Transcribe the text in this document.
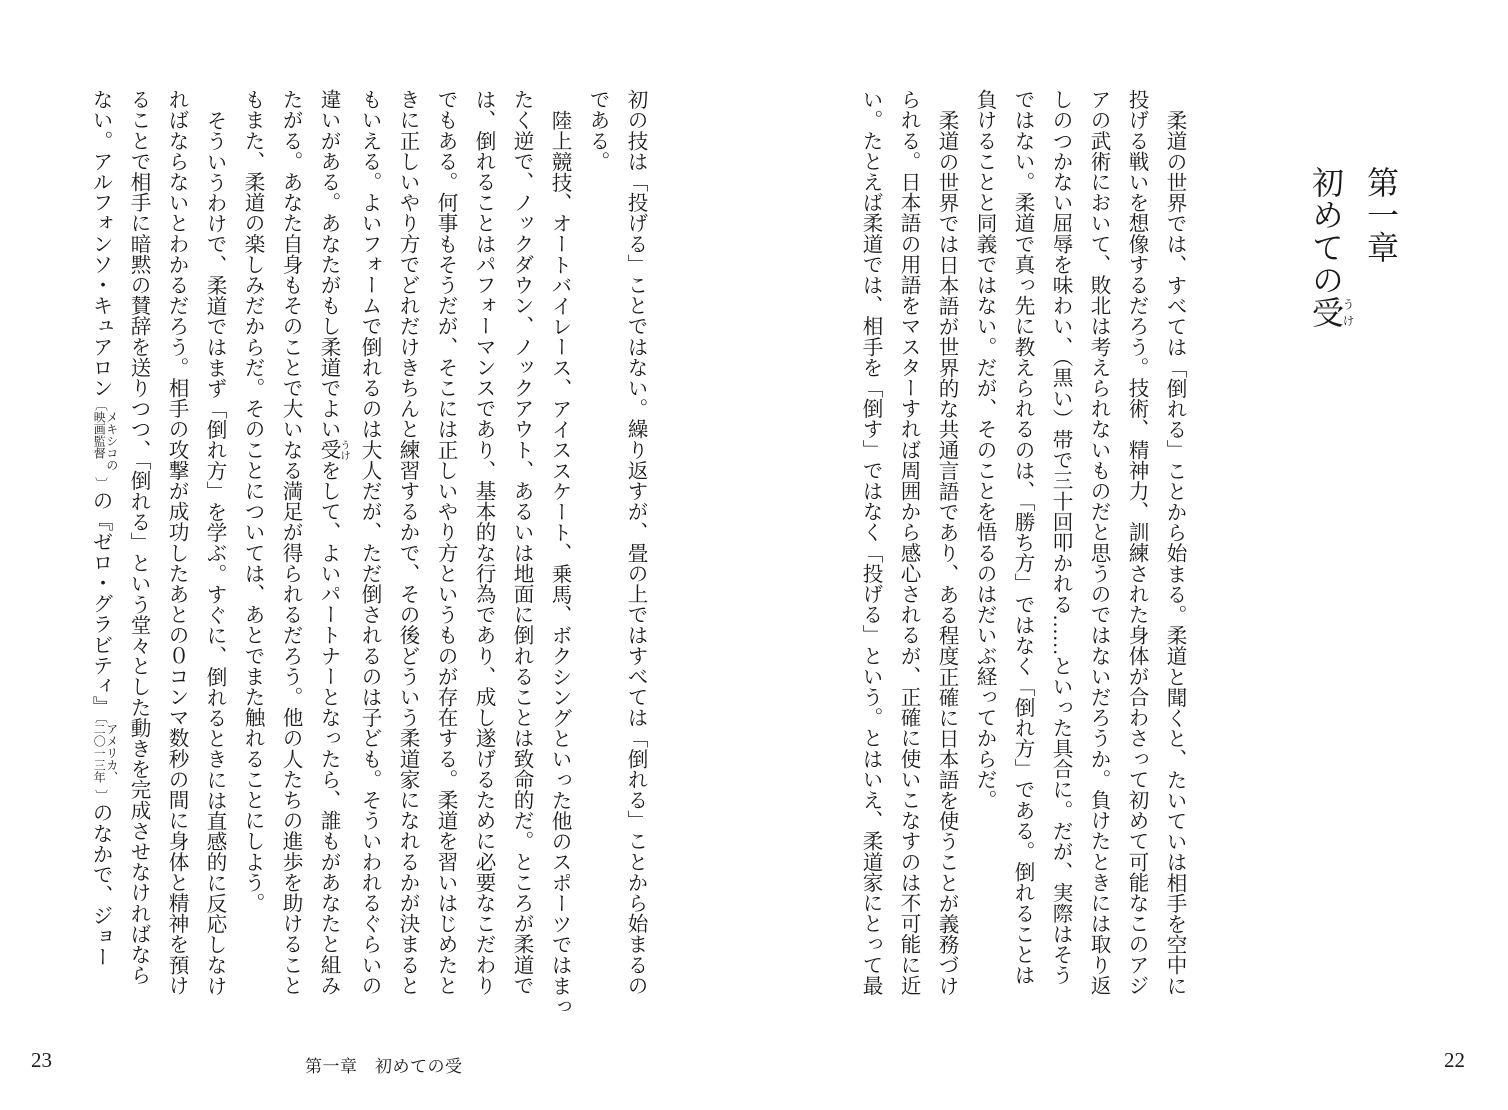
第一章
初めての受うけ
柔道の世界では、すべては「倒れる」ことから始まる。柔道と聞くと、たいていは相手を空中に
投げる戦いを想像するだろう。技術、精神力、訓練された身体が合わさって初めて可能なこのアジ
アの武術において、敗北は考えられないものだと思うのではないだろうか。負けたときには取り返
しのつかない屈辱を味わい、（黒い）帯で三十回叩かれる……といった具合に。だが、実際はそう
ではない。柔道で真っ先に教えられるのは、「勝ち方」ではなく「倒れ方」である。倒れることは
負けることと同義ではない。だが、そのことを悟るのはだいぶ経ってからだ。
柔道の世界では日本語が世界的な共通言語であり、ある程度正確に日本語を使うことが義務づけ
られる。日本語の用語をマスターすれば周囲から感心されるが、正確に使いこなすのは不可能に近
い。たとえば柔道では、相手を「倒す」ではなく「投げる」という。とはいえ、柔道家にとって最
初の技は「投げる」ことではない。繰り返すが、畳の上ではすべては「倒れる」ことから始まるの
である。
陸上競技、オートバイレース、アイススケート、乗馬、ボクシングといった他のスポーツではまっ
たく逆で、ノックダウン、ノックアウト、あるいは地面に倒れることは致命的だ。ところが柔道で
は、倒れることはパフォーマンスであり、基本的な行為であり、成し遂げるために必要なこだわり
でもある。何事もそうだが、そこには正しいやり方というものが存在する。柔道を習いはじめたと
きに正しいやり方でどれだけきちんと練習するかで、その後どういう柔道家になれるかが決まると
もいえる。よいフォームで倒れるのは大人だが、ただ倒されるのは子ども。そういわれるぐらいの
違いがある。あなたがもし柔道でよい受 うけをして、よいパートナーとなったら、誰もがあなたと組み
たがる。あなた自身もそのことで大いなる満足が得られるだろう。他の人たちの進歩を助けること
もまた、柔道の楽しみだからだ。そのことについては、あとでまた触れることにしよう。
そういうわけで、柔道ではまず「倒れ方」を学ぶ。すぐに、倒れるときには直感的に反応しなけ
ればならないとわかるだろう。相手の攻撃が成功したあとの０コンマ数秒の間に身体と精神を預け
ることで相手に暗黙の賛辞を送りつつ、「倒れる」という堂々とした動きを完成させなければなら
ない。アルフォンソ・キュアロン〔メキシコの映画監督〕の『ゼロ・グラビティ』〔アメリカ、二〇一三年〕のなかで、ジョー
23	第一章　初めての受	22
